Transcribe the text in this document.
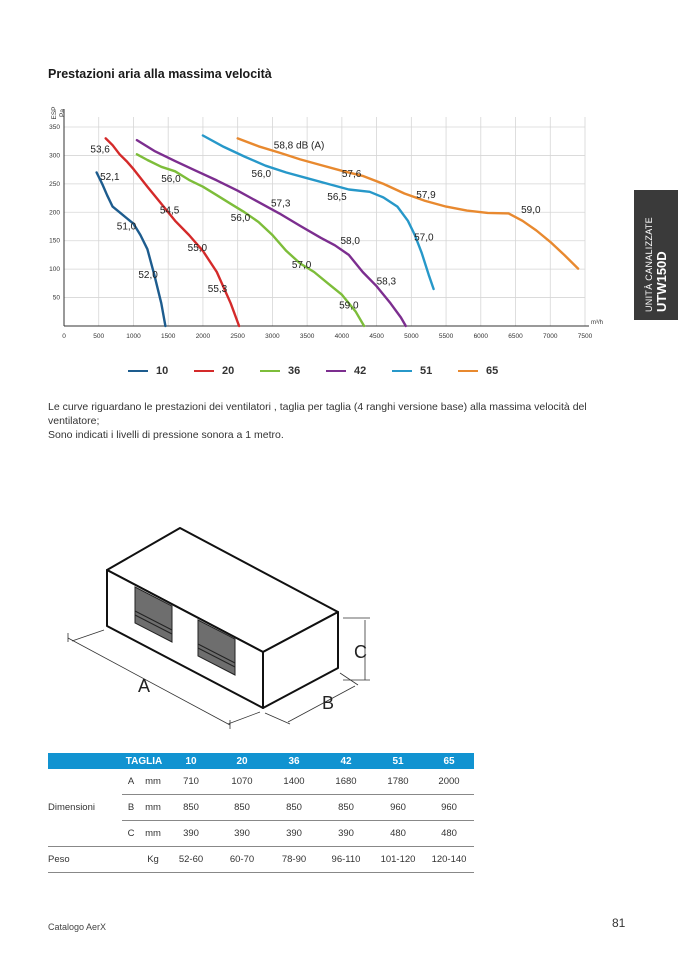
Prestazioni aria alla massima velocità
0	500	1000	1500	2000	2500	3000	3500	4000	4500	5000	5500	6000	6500	7000	7500
50
100
150
200
250
300
350
ESP Pa
m³/h
52,1
51,0
52,0
53,6
54,5
55,0
55,3
56,0
56,0
57,0
59,0
57,3
58,0
58,3
56,0
56,5
57,0
57,6
57,9
59,0
58,8 dB (A)
10	20	36	42	51	65
Le curve riguardano le prestazioni dei ventilatori , taglia per taglia (4 ranghi versione base) alla massima velocità del ventilatore;
Sono indicati i livelli di pressione sonora a 1 metro.
UNITÀ CANALIZZATE UTW150D
A
B
C
	TAGLIA		10	20	36	42	51	65
	A	mm	710	1070	1400	1680	1780	2000
Dimensioni	B	mm	850	850	850	850	960	960
	C	mm	390	390	390	390	480	480
Peso		Kg	52-60	60-70	78-90	96-110	101-120	120-140
Catalogo AerX	81
